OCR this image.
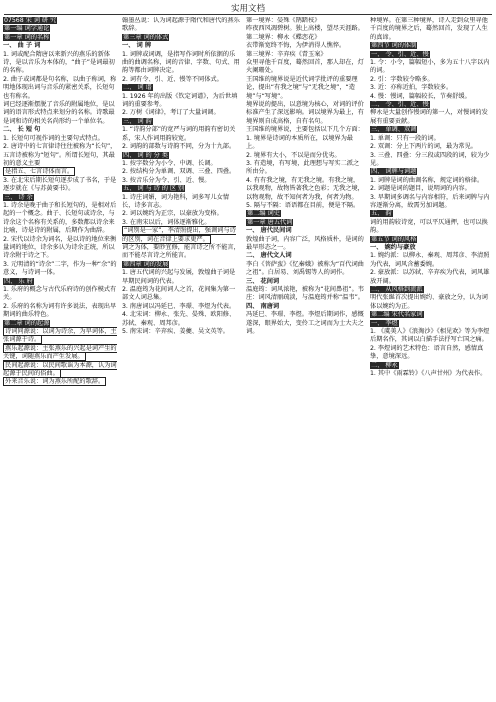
实用文档
07568 宋 词 研 究
第一编 词学通论
第一章 词的名称
一、 曲 子 词
1. 词或配合隋唐以来新兴的燕乐的新体诗，是以音乐为本体的，“曲子”是词最初的名称。
2. 曲子或词都是句名称，以曲子称词，称明地体现出词与音乐的紧密关系，长短句也有称名。
词已经逐渐摆脱了音乐的附属地位，是以词的语言形式特点来划分的名称。诗歌最是词和诗的相关名尚形约一个单位名。
二、 长 短 句
1. 长短句可视作词的主要句式特点。
2. 唐诗中的七言律诗往往被称为“长句”，五言诗被称为“短句”。所谓长短句，其最初的意义主要
是指五、七言诗体而言。
3. 在北宋后期长短句逐步成了书名，于是逐步就在《与苏黄要书》。
三、 诗 余
1. 诗余是晚于曲子和长短句的，是相对后起的一个概念。曲子、长短句或诗余，与诗余这个名称有关系的，多数都以诗余来比喻，诗是诗的附属，后期作为曲辞。
2. 宋代以诗余为词名，是以诗的地位来衡量词的地位，诗余多认为诗余正统，所以诗余附于诗之下。
3. 元明清的“诗余”二字，作为一种“余”的意义，与诗词一体。
四、 乐 府
1. 乐府的概念与古代乐府诗的创作模式有关。
2. 乐府的名称为词有许多说法，表现出早期词的曲乐特色。
第二章 词的起源
诗词同源说：以词为诗余，为早词体，主张词源于诗。
燕乐起源说：主张燕乐的兴起是词产生的关键，词随燕乐而产生发展。
民间起源说：以民间歌谣为本源，认为词起源于民间的俗曲。
外来音乐说：词为燕乐所配的歌辞。
翰墨丛说：认为词起源于隋代和唐代的燕乐歌辞。
第三章 词的体式
一、 词 牌
1. 词牌或词调，是指写作词时所依据的乐曲的曲调名称，词的音律、字数、句式、用韵等都由词牌决定。
2. 词有令、引、近、慢等不同体式。
二、 词 谱
1. 1926 年的出版《钦定词谱》，为后世填词的重要参考。
2. 万树《词律》，考订了大量词调。
三、 词 韵
1. “诗韵分部”的宽严与词的用韵有密切关系，宋人作词用韵较宽。
2. 词韵的部数与诗韵不同，分为十九部。
四、 词 的 分 类
1. 按字数分为小令、中调、长调。
2. 按结构分为单调、双调、三叠、四叠。
3. 按音乐分为令、引、近、慢。
五、 词 与 诗 的 区 别
1. 诗庄词媚，词为艳科，词多写儿女情长，诗多言志。
2. 词以婉约为正宗，以豪放为变格。
3. 在南宋以后，词体逐渐雅化。
“词别是一家”，李清照提出，强调词与诗的区别，词在音律上要求更严。
词之为体，要眇宜修，能言诗之所不能言，而不能尽言诗之所能言。
第四章 词的发展
1. 唐五代词的兴起与发展，敦煌曲子词是早期民间词的代表。
2. 温庭筠为花间词人之首，花间集为第一部文人词总集。
3. 南唐词以冯延巳、李璟、李煜为代表。
4. 北宋词：柳永、张先、晏殊、欧阳修、苏轼、秦观、周邦彦。
5. 南宋词：辛弃疾、姜夔、吴文英等。
第一境界：晏殊《鹊踏枝》
昨夜西风凋碧树。独上高楼，望尽天涯路。
第二境界：柳永《蝶恋花》
衣带渐宽终不悔，为伊消得人憔悴。
第三境界：辛弃疾《青玉案》
众里寻他千百度，蓦然回首，那人却在，灯火阑珊处。
王国维的境界说是近代词学批评的重要理论，提出“有我之境”与“无我之境”，“造境”与“写境”。
境界说的提出，以意境为核心，对词的评价标准产生了深远影响。词以境界为最上，有境界则自成高格，自有名句。
王国维的境界说，主要包括以下几个方面：
1. 境界是诗词的本质所在，以境界为最上。
2. 境界有大小，不以是而分优劣。
3. 有造境，有写境，此理想与写实二派之所由分。
4. 有有我之境，有无我之境。有我之境，以我观物，故物皆著我之色彩；无我之境，以物观物，故不知何者为我，何者为物。
5. 隔与不隔：语语都在目前，便是不隔。
第二编 词史
第一章 唐五代词
一、 唐代民间词
敦煌曲子词，内容广泛，风格质朴，是词的最早形态之一。
二、 唐代文人词
李白《菩萨蛮》《忆秦娥》被称为“百代词曲之祖”。白居易、刘禹锡等人的词作。
三、 花间词
温庭筠：词风浓艳，被称为“花间鼻祖”。韦庄：词风清丽疏淡，与温庭筠并称“温韦”。
四、 南唐词
冯延巳、李璟、李煜。李煜后期词作，感慨遂深，眼界始大，变伶工之词而为士大夫之词。
种境界。在第三种境界，诗人走到众里寻他千百度的境界之后，蓦然回首，发现了人生的真谛。
第四节 词的体制
一、 令、引、近、慢
1. 令：小令，篇幅短小，多为五十八字以内的词。
2. 引：字数较令略多。
3. 近：亦称近拍，字数较多。
4. 慢：慢词，篇幅较长，节奏舒缓。
二、 令、引、近、慢
柳永是大量创作慢词的第一人，对慢词的发展有重要贡献。
三、 单调、双调
1. 单调：只有一段的词。
2. 双调：分上下两片的词，最为常见。
3. 三叠、四叠：分三段或四段的词，较为少见。
四、 词牌与词题
1. 词牌是词的曲调名称，规定词的格律。
2. 词题是词的题目，说明词的内容。
3. 早期词多调名与内容相符，后来词牌与内容逐渐分离，故需另加词题。
五、 韵
词的用韵较诗宽，可以平仄通押，也可以换韵。
第五节 词的风格
一、 婉约与豪放
1. 婉约派：以柳永、秦观、周邦彦、李清照为代表，词风含蓄委婉。
2. 豪放派：以苏轼、辛弃疾为代表，词风雄放开阔。
二、 从风格到流派
明代张綖首次提出婉约、豪放之分，认为词体以婉约为正。
第二编 宋代名家词
一、 李煜
1. 《虞美人》《浪淘沙》《相见欢》等为李煜后期名作，其词以白描手法抒写亡国之痛。
2. 李煜词的艺术特色：语言自然，感情真挚，意境深远。
二、 柳永
1. 其中《雨霖铃》《八声甘州》为代表作。
